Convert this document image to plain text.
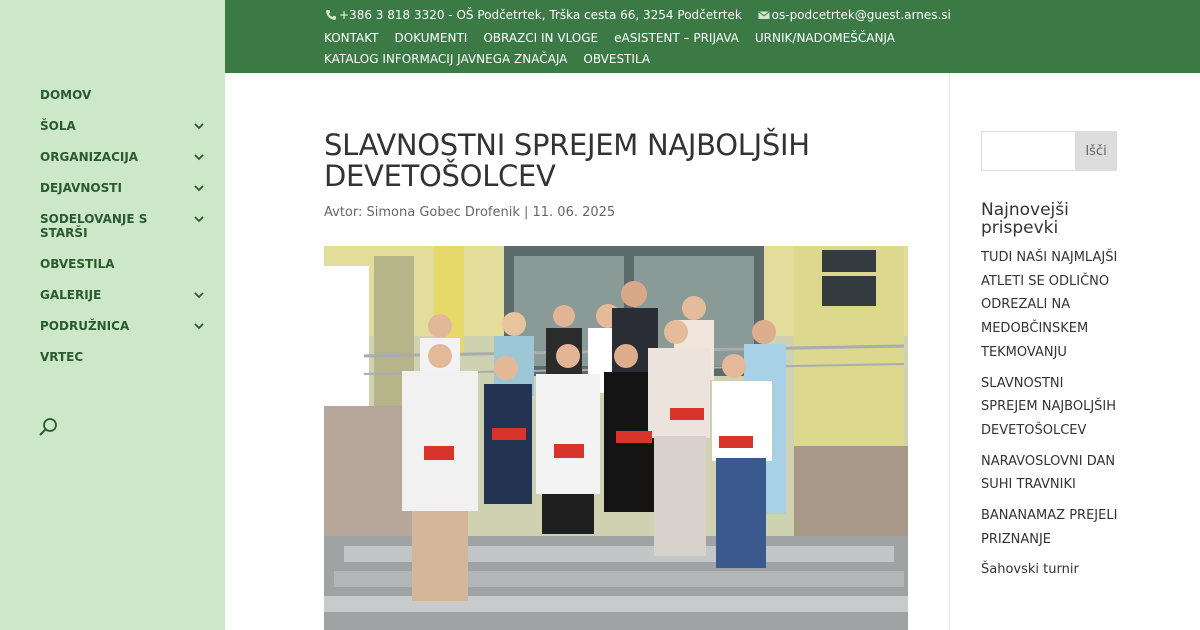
DOMOV
ŠOLA
ORGANIZACIJA
DEJAVNOSTI
SODELOVANJE S STARŠI
OBVESTILA
GALERIJE
PODRUŽNICA
VRTEC
+386 3 818 3320 - OŠ Podčetrtek, Trška cesta 66, 3254 Podčetrtek os-podcetrtek@guest.arnes.si
KONTAKT DOKUMENTI OBRAZCI IN VLOGE eASISTENT – PRIJAVA URNIK/NADOMEŠČANJAKATALOG INFORMACIJ JAVNEGA ZNAČAJA OBVESTILA
SLAVNOSTNI SPREJEM NAJBOLJŠIH DEVETOŠOLCEV
Avtor: Simona Gobec Drofenik | 11. 06. 2025
Išči
Najnovejši prispevki
TUDI NAŠI NAJMLAJŠI ATLETI SE ODLIČNO ODREZALI NA MEDOBČINSKEM TEKMOVANJU
SLAVNOSTNI SPREJEM NAJBOLJŠIH DEVETOŠOLCEV
NARAVOSLOVNI DAN SUHI TRAVNIKI
BANANAMAZ PREJELI PRIZNANJE
Šahovski turnir
